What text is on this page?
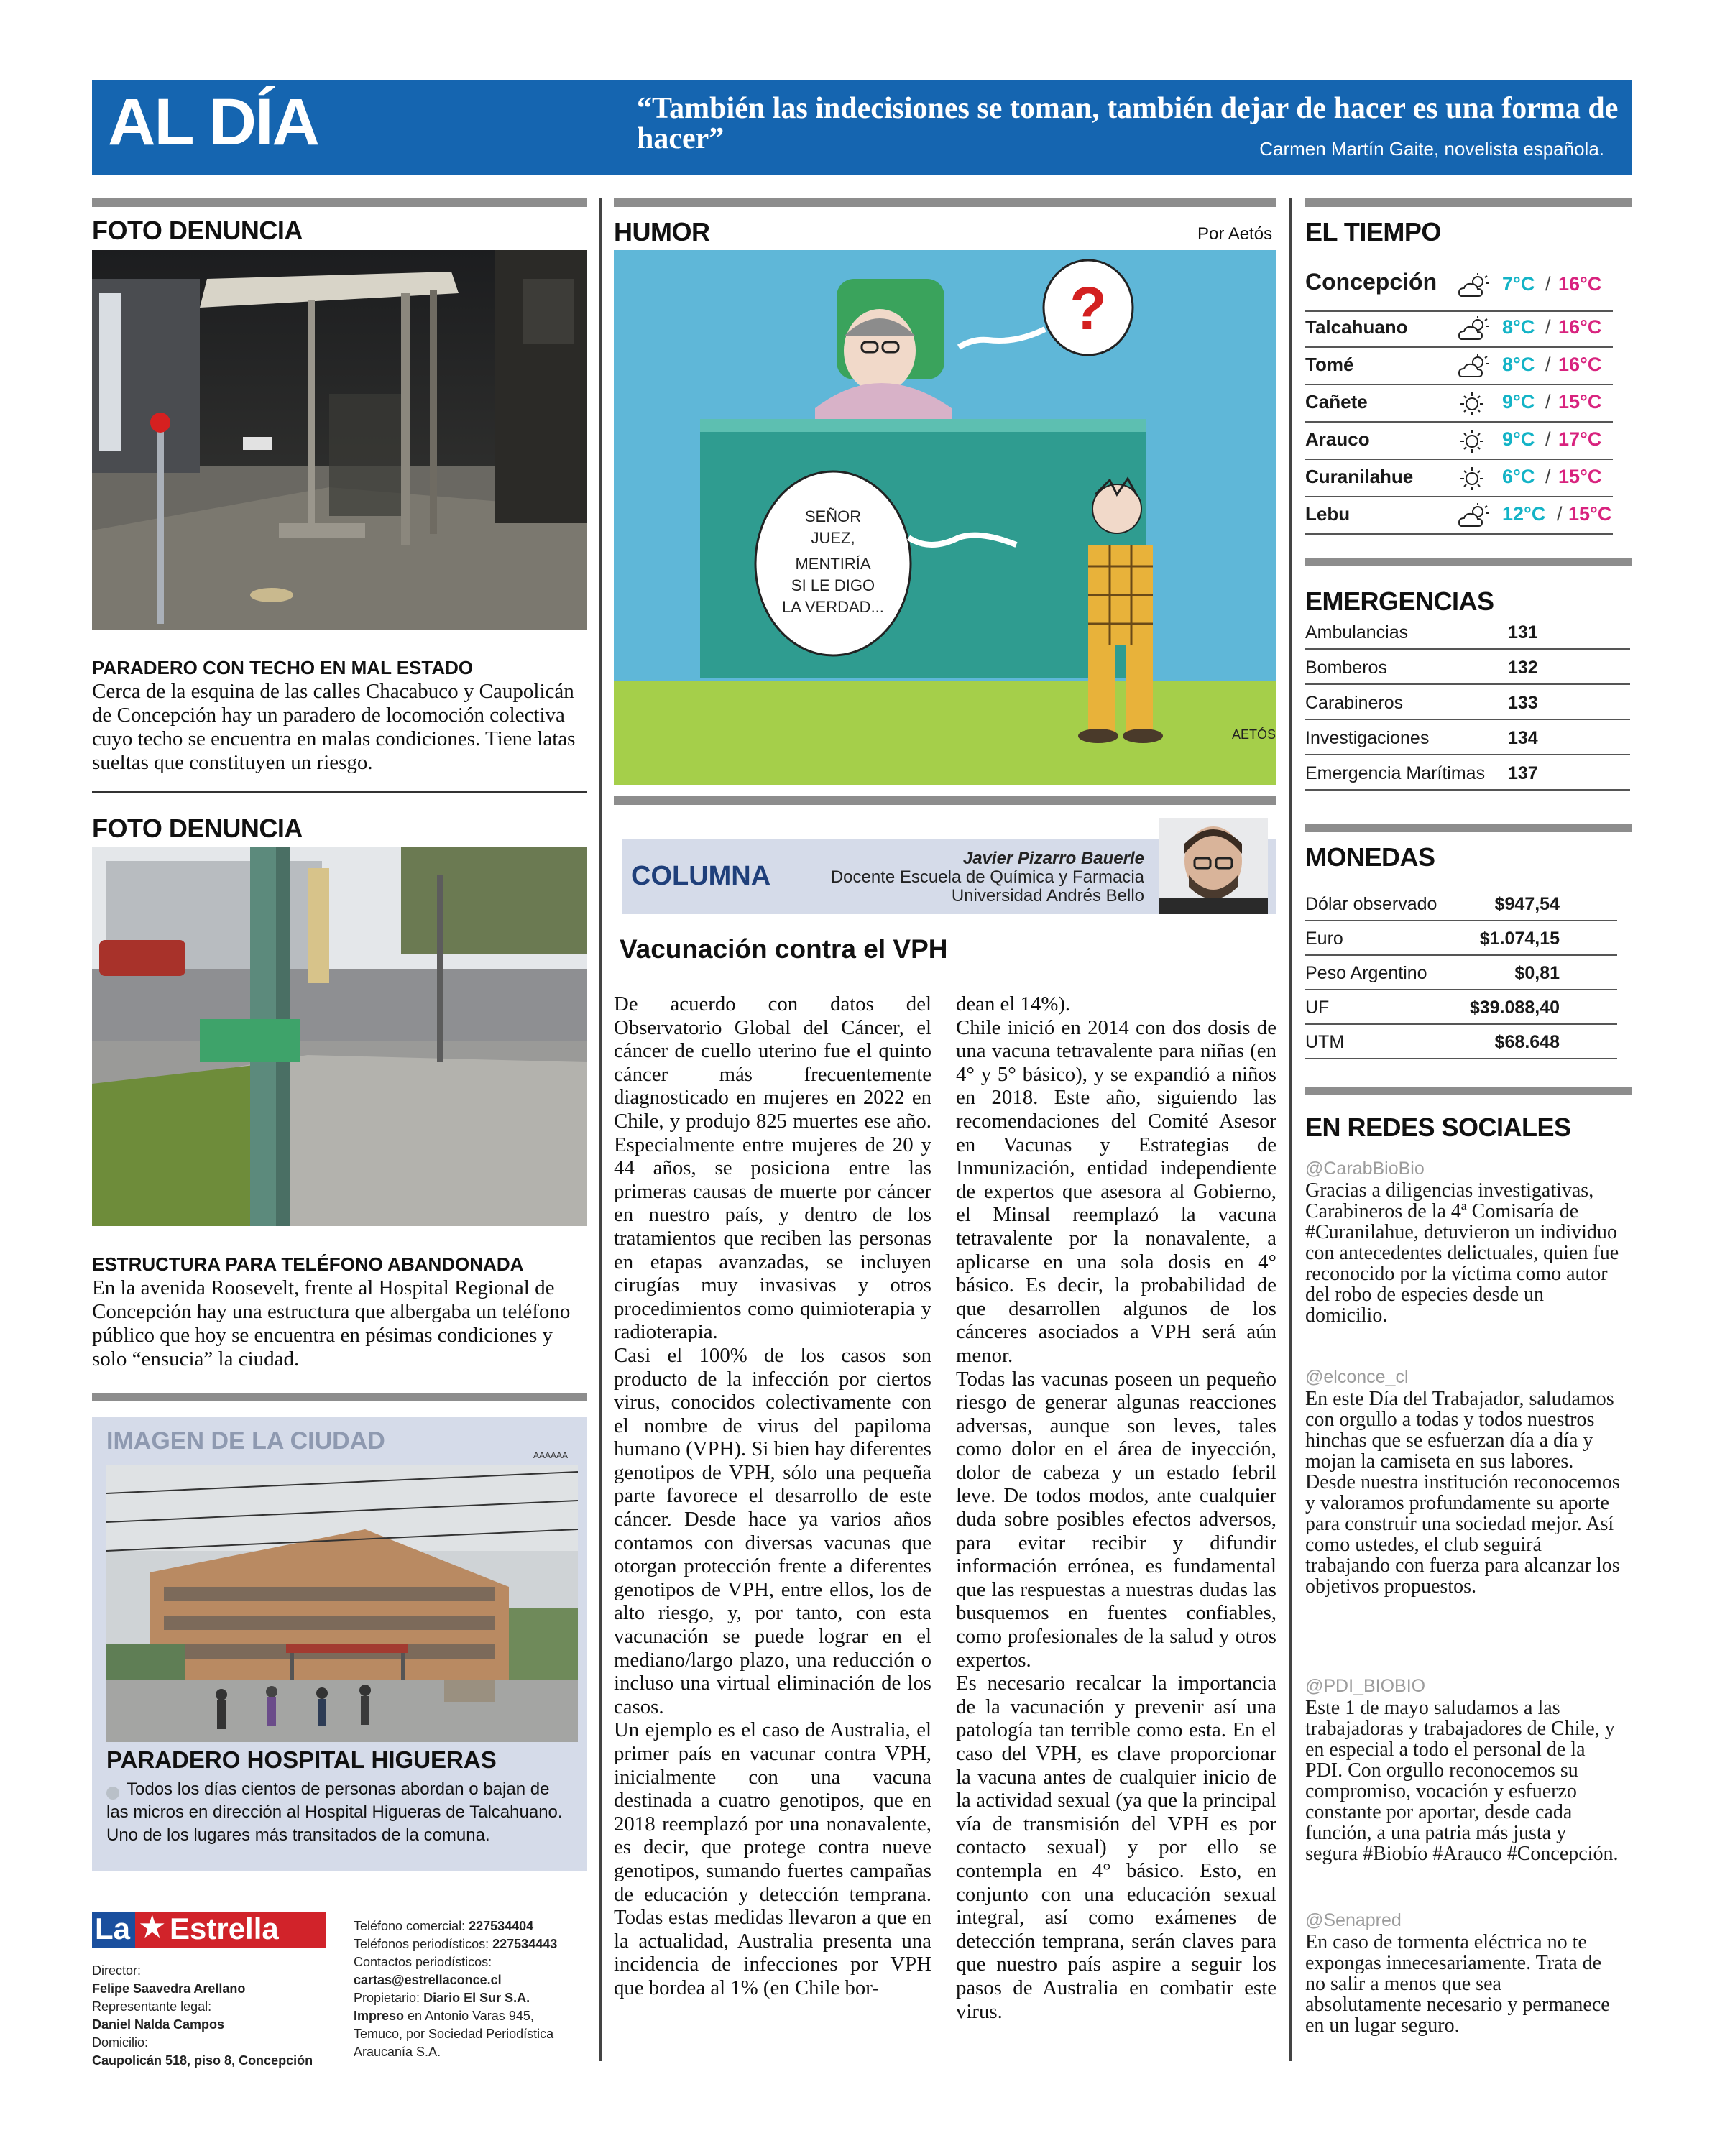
AL DÍA	“También las indecisiones se toman, también dejar de hacer es una forma de hacer”	Carmen Martín Gaite, novelista española.
FOTO DENUNCIA
PARADERO CON TECHO EN MAL ESTADO
Cerca de la esquina de las calles Chacabuco y Caupolicán de Concepción hay un paradero de locomoción colectiva cuyo techo se encuentra en malas condiciones. Tiene latas sueltas que constituyen un riesgo.
FOTO DENUNCIA
ESTRUCTURA PARA TELÉFONO ABANDONADA
En la avenida Roosevelt, frente al Hospital Regional de Concepción hay una estructura que albergaba un teléfono público que hoy se encuentra en pésimas condiciones y solo “ensucia” la ciudad.
IMAGEN DE LA CIUDAD
AAAAAA
PARADERO HOSPITAL HIGUERAS
Todos los días cientos de personas abordan o bajan de las micros en dirección al Hospital Higueras de Talcahuano. Uno de los lugares más transitados de la comuna.
La ★ Estrella
Director:
Felipe Saavedra Arellano
Representante legal:
Daniel Naldа Campos
Domicilio:
Caupolicán 518, piso 8, Concepción
Teléfono comercial: 227534404
Teléfonos periodísticos: 227534443
Contactos periodísticos:
cartas@estrellaconce.cl
Propietario: Diario El Sur S.A.
Impreso en Antonio Varas 945, Temuco, por Sociedad Periodística Araucanía S.A.
HUMOR	Por Aetós
?
SEÑOR
JUEZ,
MENTIRÍA
SI LE DIGO
LA VERDAD...
AETÓS
COLUMNA
Javier Pizarro Bauerle
Docente Escuela de Química y Farmacia
Universidad Andrés Bello
Vacunación contra el VPH
De acuerdo con datos del Observatorio Global del Cáncer, el cáncer de cuello uterino fue el quinto cáncer más frecuentemente diagnosticado en mujeres en 2022 en Chile, y produjo 825 muertes ese año. Especialmente entre mujeres de 20 y 44 años, se posiciona entre las primeras causas de muerte por cáncer en nuestro país, y dentro de los tratamientos que reciben las personas en etapas avanzadas, se incluyen cirugías muy invasivas y otros procedimientos como quimioterapia y radioterapia.
Casi el 100% de los casos son producto de la infección por ciertos virus, conocidos colectivamente con el nombre de virus del papiloma humano (VPH). Si bien hay diferentes genotipos de VPH, sólo una pequeña parte favorece el desarrollo de este cáncer. Desde hace ya varios años contamos con diversas vacunas que otorgan protección frente a diferentes genotipos de VPH, entre ellos, los de alto riesgo, y, por tanto, con esta vacunación se puede lograr en el mediano/largo plazo, una reducción o incluso una virtual eliminación de los casos.
Un ejemplo es el caso de Australia, el primer país en vacunar contra VPH, inicialmente con una vacuna destinada a cuatro genotipos, que en 2018 reemplazó por una nonavalente, es decir, que protege contra nueve genotipos, sumando fuertes campañas de educación y detección temprana. Todas estas medidas llevaron a que en la actualidad, Australia presenta una incidencia de infecciones por VPH que bordea al 1% (en Chile bor-
dean el 14%).
Chile inició en 2014 con dos dosis de una vacuna tetravalente para niñas (en 4° y 5° básico), y se expandió a niños en 2018. Este año, siguiendo las recomendaciones del Comité Asesor en Vacunas y Estrategias de Inmunización, entidad independiente de expertos que asesora al Gobierno, el Minsal reemplazó la vacuna tetravalente por la nonavalente, a aplicarse en una sola dosis en 4° básico. Es decir, la probabilidad de que desarrollen algunos de los cánceres asociados a VPH será aún menor.
Todas las vacunas poseen un pequeño riesgo de generar algunas reacciones adversas, aunque son leves, tales como dolor en el área de inyección, dolor de cabeza y un estado febril leve. De todos modos, ante cualquier duda sobre posibles efectos adversos, para evitar recibir y difundir información errónea, es fundamental que las respuestas a nuestras dudas las busquemos en fuentes confiables, como profesionales de la salud y otros expertos.
Es necesario recalcar la importancia de la vacunación y prevenir así una patología tan terrible como esta. En el caso del VPH, es clave proporcionar la vacuna antes de cualquier inicio de la actividad sexual (ya que la principal vía de transmisión del VPH es por contacto sexual) y por ello se contempla en 4° básico. Esto, en conjunto con una educación sexual integral, así como exámenes de detección temprana, serán claves para que nuestro país aspire a seguir los pasos de Australia en combatir este virus.
EL TIEMPO
Concepción	7°C / 16°C
Talcahuano	8°C / 16°C
Tomé	8°C / 16°C
Cañete	9°C / 15°C
Arauco	9°C / 17°C
Curanilahue	6°C / 15°C
Lebu	12°C / 15°C
EMERGENCIAS
Ambulancias	131
Bomberos	132
Carabineros	133
Investigaciones	134
Emergencia Marítimas 137
MONEDAS
Dólar observado	$947,54
Euro	$1.074,15
Peso Argentino	$0,81
UF	$39.088,40
UTM	$68.648
EN REDES SOCIALES
@CarabBioBio
Gracias a diligencias investigativas, Carabineros de la 4ª Comisaría de #Curanilahue, detuvieron un individuo con antecedentes delictuales, quien fue reconocido por la víctima como autor del robo de especies desde un domicilio.
@elconce_cl
En este Día del Trabajador, saludamos con orgullo a todas y todos nuestros hinchas que se esfuerzan día a día y mojan la camiseta en sus labores. Desde nuestra institución reconocemos y valoramos profundamente su aporte para construir una sociedad mejor. Así como ustedes, el club seguirá trabajando con fuerza para alcanzar los objetivos propuestos.
@PDI_BIOBIO
Este 1 de mayo saludamos a las trabajadoras y trabajadores de Chile, y en especial a todo el personal de la PDI. Con orgullo reconocemos su compromiso, vocación y esfuerzo constante por aportar, desde cada función, a una patria más justa y segura #Biobío #Arauco #Concepción.
@Senapred
En caso de tormenta eléctrica no te expongas innecesariamente. Trata de no salir a menos que sea absolutamente necesario y permanece en un lugar seguro.
